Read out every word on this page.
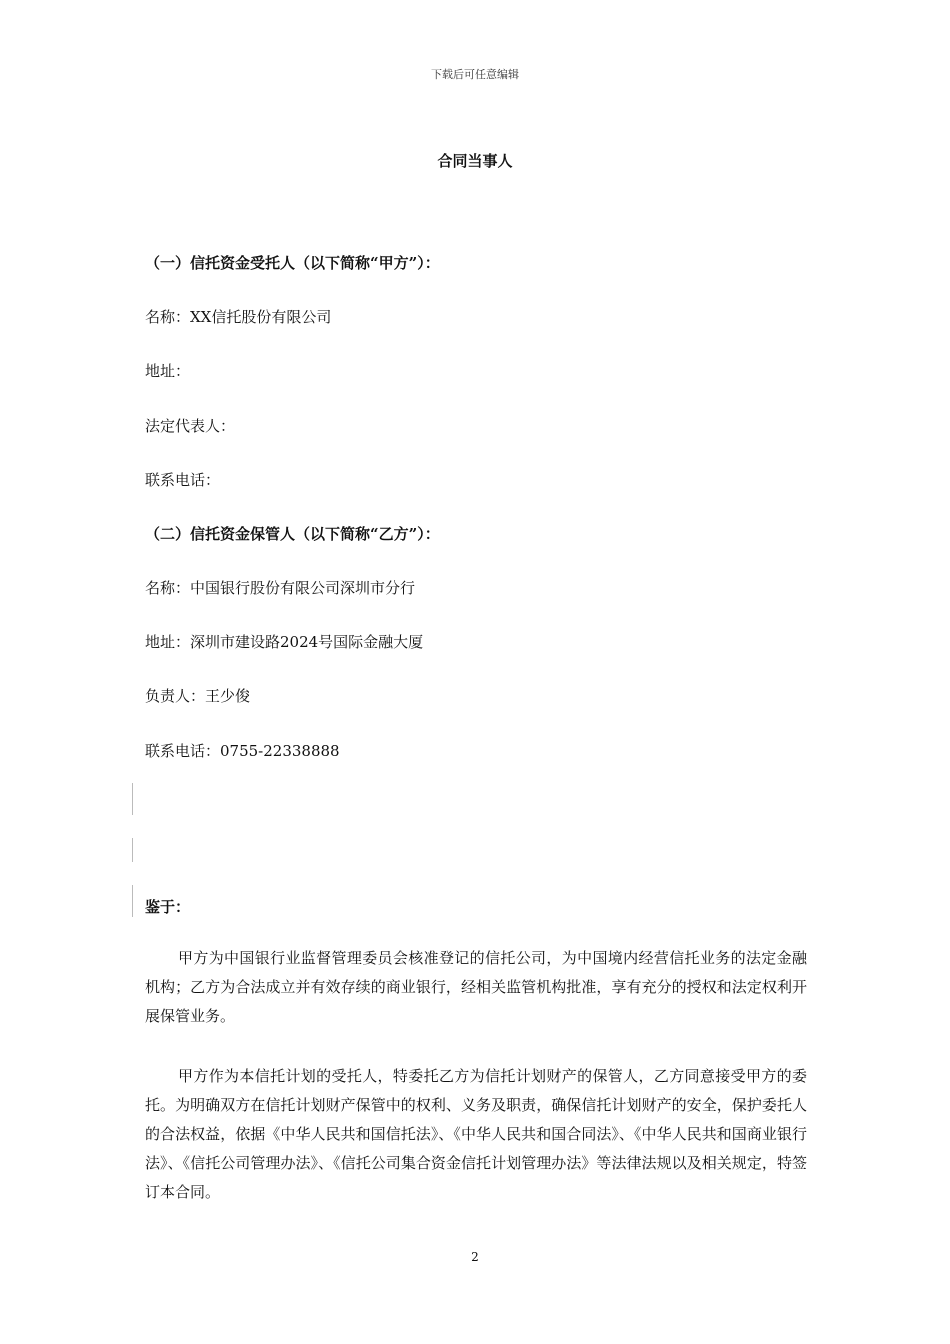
下载后可任意编辑
合同当事人
（一）信托资金受托人（以下简称“甲方”）：
名称：XX信托股份有限公司
地址：
法定代表人：
联系电话：
（二）信托资金保管人（以下简称“乙方”）：
名称：中国银行股份有限公司深圳市分行
地址：深圳市建设路2024号国际金融大厦
负责人：王少俊
联系电话：0755-22338888
鉴于：
甲方为中国银行业监督管理委员会核准登记的信托公司，为中国境内经营信托业务的法定金融机构；乙方为合法成立并有效存续的商业银行，经相关监管机构批准，享有充分的授权和法定权利开展保管业务。
甲方作为本信托计划的受托人，特委托乙方为信托计划财产的保管人，乙方同意接受甲方的委托。为明确双方在信托计划财产保管中的权利、义务及职责，确保信托计划财产的安全，保护委托人的合法权益，依据《中华人民共和国信托法》、《中华人民共和国合同法》、《中华人民共和国商业银行法》、《信托公司管理办法》、《信托公司集合资金信托计划管理办法》等法律法规以及相关规定，特签订本合同。
2
